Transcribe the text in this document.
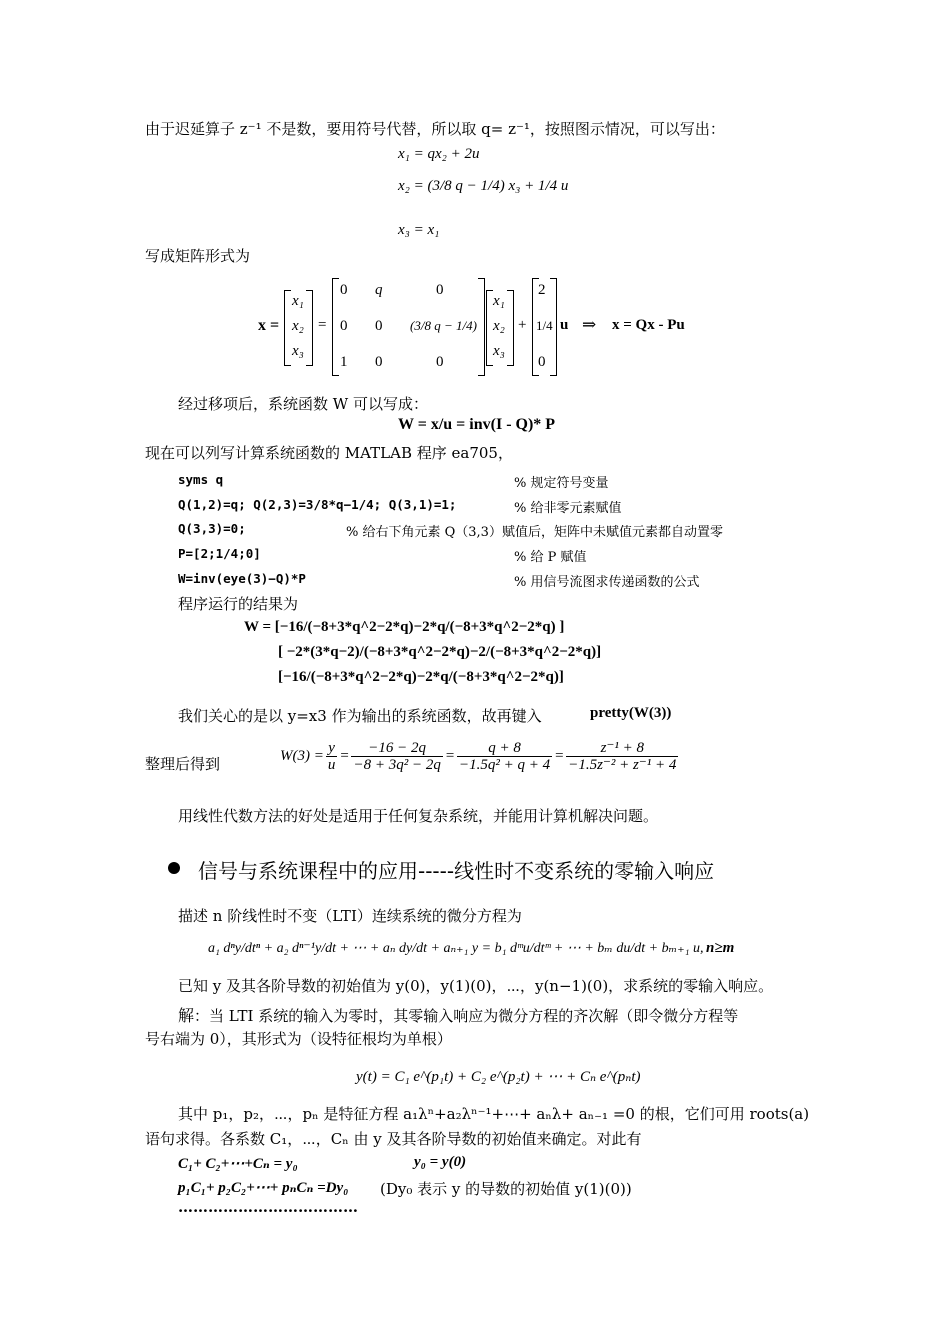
由于迟延算子 z⁻¹ 不是数，要用符号代替，所以取 q= z⁻¹，按照图示情况，可以写出：
x₁ = qx₂ + 2u
x₂ = (3/8 q − 1/4) x₃ + 1/4 u
x₃ = x₁
写成矩阵形式为
x =
x₁
x₂
x₃
=
0 q	0
0 0 (3/8 q − 1/4)
1 0	0
x₁
x₂
x₃
+
2
1/4
0
u ⇒ x = Qx - Pu
经过移项后，系统函数 W 可以写成：
W = x/u = inv(I - Q)* P
现在可以列写计算系统函数的 MATLAB 程序 ea705，
syms q	% 规定符号变量
Q(1,2)=q; Q(2,3)=3/8*q−1/4; Q(3,1)=1;	% 给非零元素赋值
Q(3,3)=0;	% 给右下角元素 Q（3,3）赋值后，矩阵中未赋值元素都自动置零
P=[2;1/4;0]	% 给 P 赋值
W=inv(eye(3)−Q)*P	% 用信号流图求传递函数的公式
程序运行的结果为
W = [−16/(−8+3*q^2−2*q)−2*q/(−8+3*q^2−2*q) ]
[ −2*(3*q−2)/(−8+3*q^2−2*q)−2/(−8+3*q^2−2*q)]
[−16/(−8+3*q^2−2*q)−2*q/(−8+3*q^2−2*q)]
我们关心的是以 y=x3 作为输出的系统函数，故再键入	pretty(W(3))
整理后得到	$W(3) = \frac{y}{u} = \frac{-16 - 2q}{\text{−8 + 3q² − 2q}} = \frac{q + 8}{\text{−1.5q² + q + 4}} = \frac{\text{z⁻¹ + 8}}{\text{−1.5z⁻² + z⁻¹ + 4}}$
用线性代数方法的好处是适用于任何复杂系统，并能用计算机解决问题。
信号与系统课程中的应用-----线性时不变系统的零输入响应
描述 n 阶线性时不变（LTI）连续系统的微分方程为
a₁ dⁿy/dtⁿ + a₂ dⁿ⁻¹y/dt + ⋯ + aₙ dy/dt + aₙ₊₁ y = b₁ dᵐu/dtᵐ + ⋯ + bₘ du/dt + bₘ₊₁ u, n≥m
已知 y 及其各阶导数的初始值为 y(0)，y(1)(0)，⋯，y(n−1)(0)，求系统的零输入响应。
解：当 LTI 系统的输入为零时，其零输入响应为微分方程的齐次解（即令微分方程等
号右端为 0），其形式为（设特征根均为单根）
y(t) = C₁ e^(p₁t) + C₂ e^(p₂t) + ⋯ + Cₙ e^(pₙt)
其中 p₁，p₂，⋯，pₙ 是特征方程 a₁λⁿ+a₂λⁿ⁻¹+⋯+ aₙλ+ aₙ₋₁ =0 的根，它们可用 roots(a)
语句求得。各系数 C₁，⋯，Cₙ 由 y 及其各阶导数的初始值来确定。对此有
C₁+ C₂+⋯+Cₙ = y₀	y₀ = y(0)
p₁C₁+ p₂C₂+⋯+ pₙCₙ =Dy₀ (Dy₀ 表示 y 的导数的初始值 y(1)(0))
………………………………
